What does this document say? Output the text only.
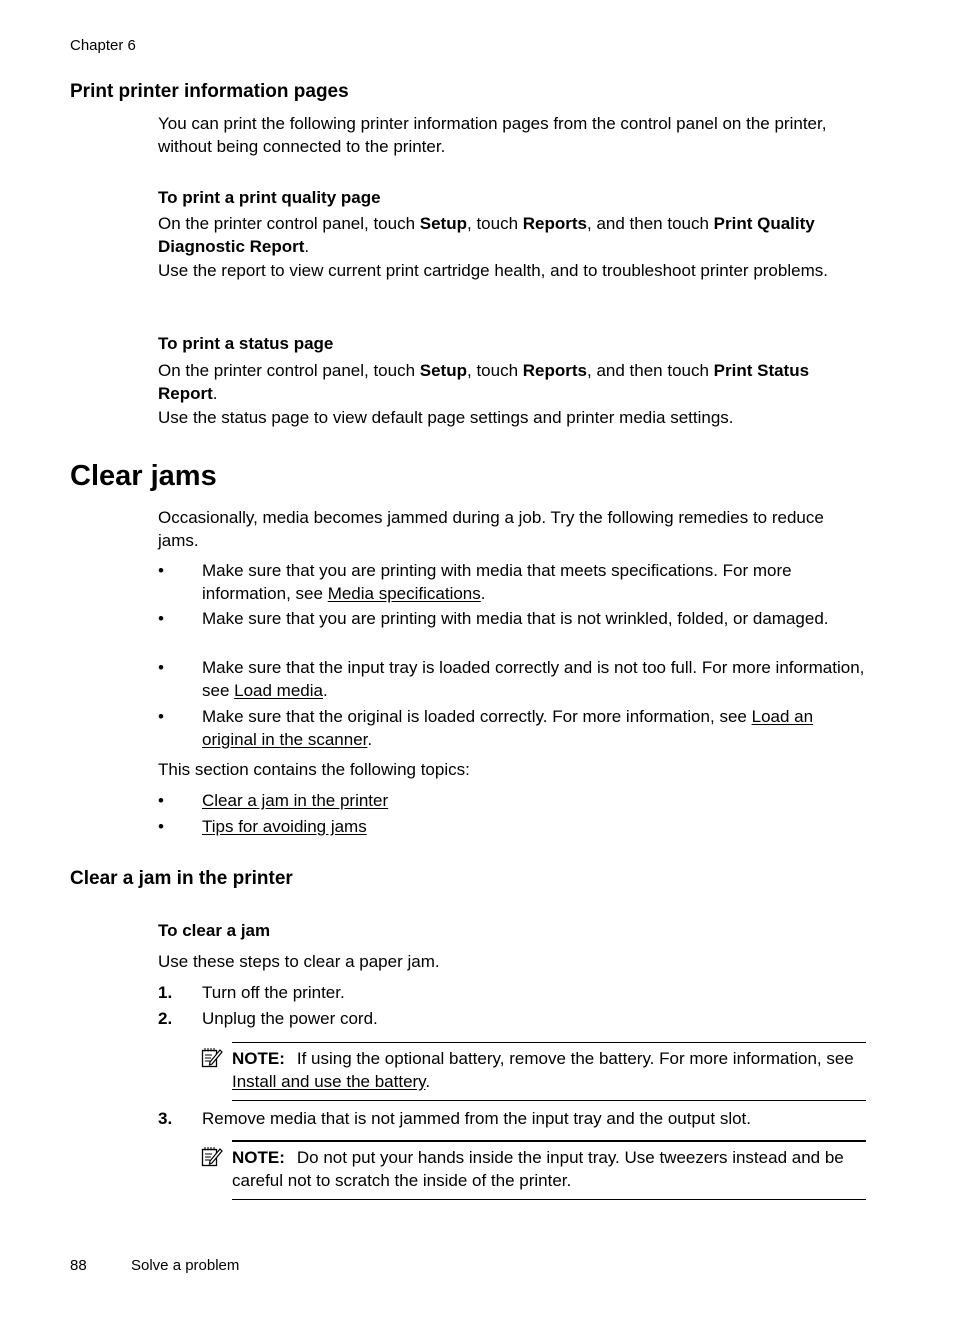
Chapter 6
Print printer information pages

You can print the following printer information pages from the control panel on the printer, without being connected to the printer.

To print a print quality page

On the printer control panel, touch Setup, touch Reports, and then touch Print Quality Diagnostic Report.

Use the report to view current print cartridge health, and to troubleshoot printer problems.

To print a status page

On the printer control panel, touch Setup, touch Reports, and then touch Print Status Report.

Use the status page to view default page settings and printer media settings.

Clear jams

Occasionally, media becomes jammed during a job. Try the following remedies to reduce jams.

• Make sure that you are printing with media that meets specifications. For more information, see Media specifications.
• Make sure that you are printing with media that is not wrinkled, folded, or damaged.
• Make sure that the input tray is loaded correctly and is not too full. For more information, see Load media.
• Make sure that the original is loaded correctly. For more information, see Load an original in the scanner.

This section contains the following topics:

• Clear a jam in the printer
• Tips for avoiding jams
Clear a jam in the printer
To clear a jam

Use these steps to clear a paper jam.

1. Turn off the printer.
2. Unplug the power cord.
NOTE: If using the optional battery, remove the battery. For more information, see Install and use the battery.
3. Remove media that is not jammed from the input tray and the output slot.
NOTE: Do not put your hands inside the input tray. Use tweezers instead and be careful not to scratch the inside of the printer.
88	Solve a problem
